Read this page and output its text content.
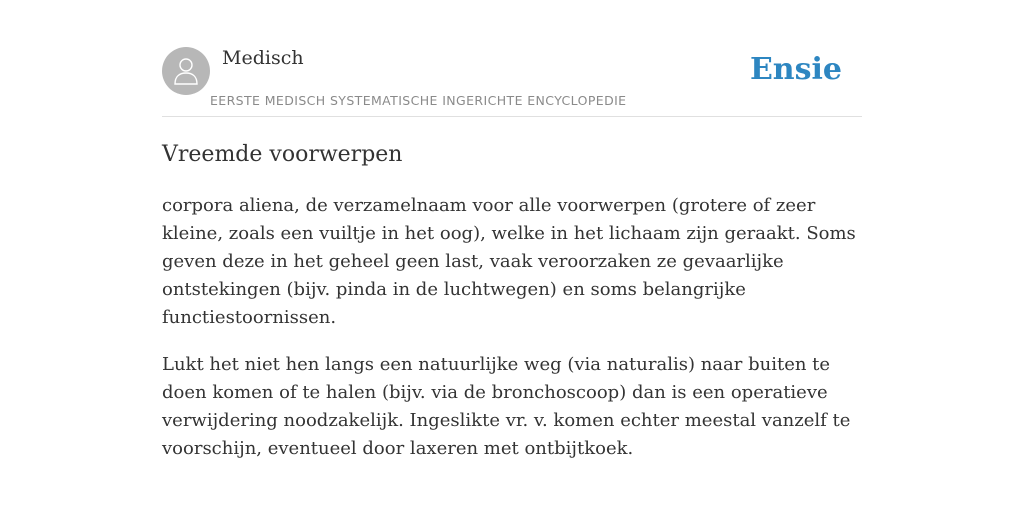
Medisch
EERSTE MEDISCH SYSTEMATISCHE INGERICHTE ENCYCLOPEDIE
Ensie
Vreemde voorwerpen

corpora aliena, de verzamelnaam voor alle voorwerpen (grotere of zeer kleine, zoals een vuiltje in het oog), welke in het lichaam zijn geraakt. Soms geven deze in het geheel geen last, vaak veroorzaken ze gevaarlijke ontstekingen (bijv. pinda in de luchtwegen) en soms belangrijke functiestoornissen.

Lukt het niet hen langs een natuurlijke weg (via naturalis) naar buiten te doen komen of te halen (bijv. via de bronchoscoop) dan is een operatieve verwijdering noodzakelijk. Ingeslikte vr. v. komen echter meestal vanzelf te voorschijn, eventueel door laxeren met ontbijtkoek.
